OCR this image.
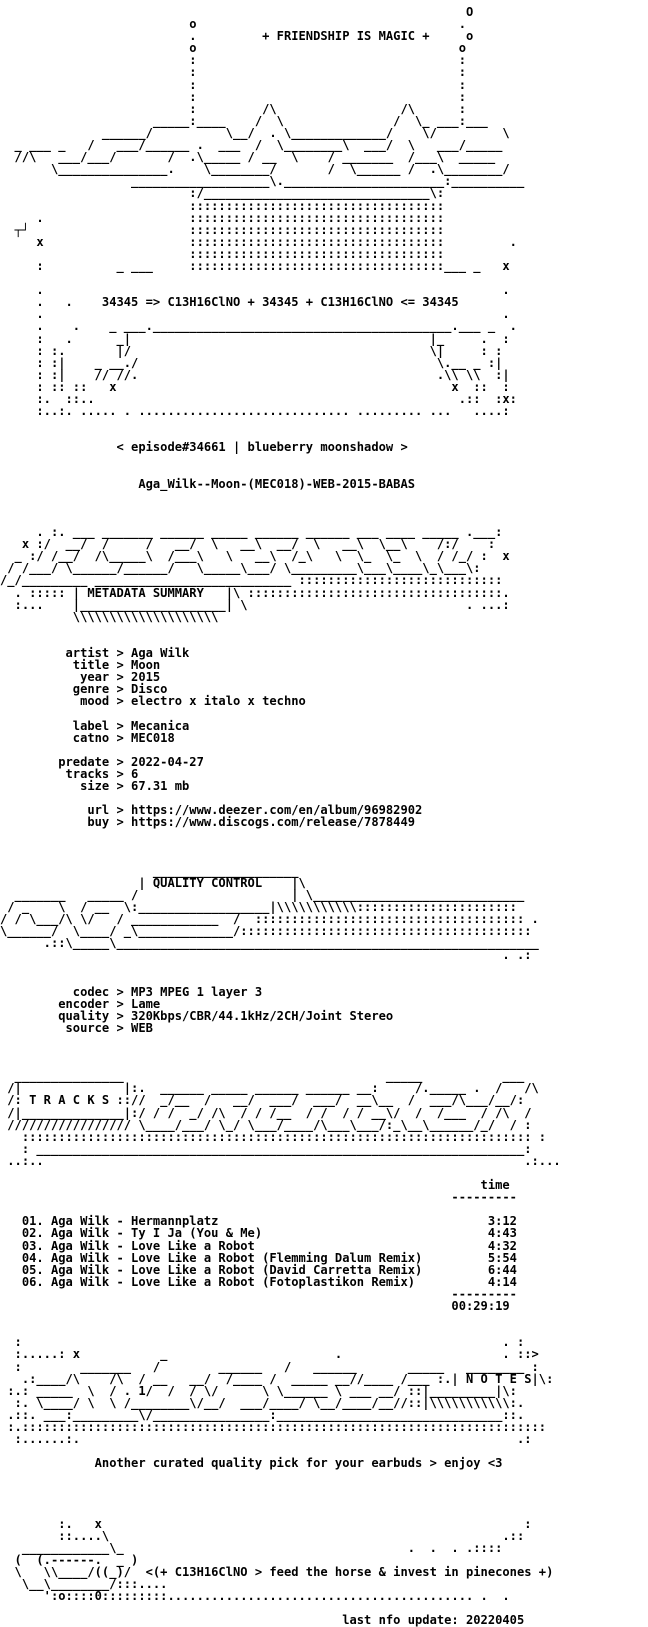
O
o                                    .
.         + FRIENDSHIP IS MAGIC +     o
o                                    o
:                                    :
:                                    :
:                                    :
:                                    :
:         /\                 /\      :
_____:____    /  \               /  \_ ___:___
______/          \__/  . \_____________/    \/         \
_ ___ _   /   ___/______ .  ___  /  \________\  ___/  \   ___/_____
//\   ___/___/       /  .\_____ / __  \    / _______  /___\  _____
\_______________.    \________/       /  \______ /  .\________/
___________________\.______________________:__________
:/_______________________________\:
:::::::::::::::::::::::::::::::::::
.                    :::::::::::::::::::::::::::::::::::
┬┘                      :::::::::::::::::::::::::::::::::::
x                    :::::::::::::::::::::::::::::::::::         .
:::::::::::::::::::::::::::::::::::
:          _ ___     :::::::::::::::::::::::::::::::::::___ _   x

.                                                               .
.   .    34345 => C13H16ClNO + 34345 + C13H16ClNO <= 34345
.                                                               .
.    .    _ ___._________________________________________.___ _  .
:   .      _|                                         |_     .  :
: :.       |/                                         \|     : :
: :|    _ __./                                         \.__ _ :|
: :|    // //.                                         .\\ \\  :|
: :: ::   x                                              x  ::  :
:.  ::..                                                  .::  :x:
:..:. ..... . ............................. ......... ...   ....:

< episode#34661 | blueberry moonshadow >

Aga_Wilk--Moon-(MEC018)-WEB-2015-BABAS

. :. ___ _______ ______ _____ ______ ______ ___ ____ _____ .___:
x :/  __/  /     /   __/  \   __\  __/  \   __\  \__\    /:/    :
_ :/ /__/  /\_____\  /___\   \   __\  /_\   \  \_  \_  \  / /_/ :  x
/ /___/ \______/______/   \_____\___/ \_________\___\____\_\___\:
/_/_________ ___________________________ ::::::::::::::::::::::::::::
. ::::: | METADATA SUMMARY   |\ :::::::::::::::::::::::::::::::::::.
:...    |____________________| \                              . ...:
\\\\\\\\\\\\\\\\\\\\

artist > Aga Wilk
title > Moon
year > 2015
genre > Disco
mood > electro x italo x techno

label > Mecanica
catno > MEC018

predate > 2022-04-27
tracks > 6
size > 67.31 mb

url > https://www.deezer.com/en/album/96982902
buy > https://www.discogs.com/release/7878449

____________________
| QUALITY CONTROL    |\
_______   _____ /                     | \_____________________________
/ _    \  / __  \:__________________|\\\\\\\\\\\::::::::::::::::::::::
/ / \___/\ \/   / ____________  /  ::::::::::::::::::::::::::::::::::::: .
\______/  \____/ _\_____________/::::::::::::::::::::::::::::::::::::::::
.::\_____\__________________________________________________________
. .:

codec > MP3 MPEG 1 layer 3
encoder > Lame
quality > 320Kbps/CBR/44.1kHz/2CH/Joint Stereo
source > WEB

_______________                                    _____           ___
/|              |:.  ______ _____ ______ ______ __:     /._____ .  /   /\
/: T R A C K S :://  _/__  /   __/  ___/  ___/  __\__  /  ___/\___/__/:
/|______________|:/ / /  _/ /\  / / /__  / /  / / __\/  /  /___  / /\  /
///////////////// \____/___/ \_/ \___/____/\___\___/:_\__\______/_/  / :
:::::::::::::::::::::::::::::::::::::::::::::::::::::::::::::::::::::: :
: ___________________________________________________________________:
..:..                                                                  .:...

time
---------

01. Aga Wilk - Hermannplatz                                     3:12
02. Aga Wilk - Ty I Ja (You & Me)                               4:43
03. Aga Wilk - Love Like a Robot                                4:32
04. Aga Wilk - Love Like a Robot (Flemming Dalum Remix)         5:54
05. Aga Wilk - Love Like a Robot (David Carretta Remix)         6:44
06. Aga Wilk - Love Like a Robot (Fotoplastikon Remix)          4:14
---------
00:29:19

:                                                                  . :
:.....: x           _                       .                      . ::>
:        _______   /        ______   /   ______       _____   ________ :
.:____/\    /\  / __   __/  /____ /  _____ __//____ /___ :.| N O T E S|\:
:.: _____  \  / . 1/  /  / \/      \ \______ \ ___ __/ ::|_________|\:
:. \____/ \  \ /________\/__/  ___/____/ \__/____/__//::|\\\\\\\\\\\:.
.::. ___:_________\/________________:_______________________________::.
:.::::::::::::::::::::::::::::::::::::::::::::::::::::::::::::::::::::::::
:......:.                                                            .:

Another curated quality pick for your earbuds > enjoy <3

:.   x                                                          :
::....\                                                      .::
____________\_                                       .  .  . .::::
(  (.------.  _ )
\   \\____/((_)/  <(+ C13H16ClNO > feed the horse & invest in pinecones +)
\__\________/:::....
':o::::0:::::::::.......................................... .  .

last nfo update: 20220405
